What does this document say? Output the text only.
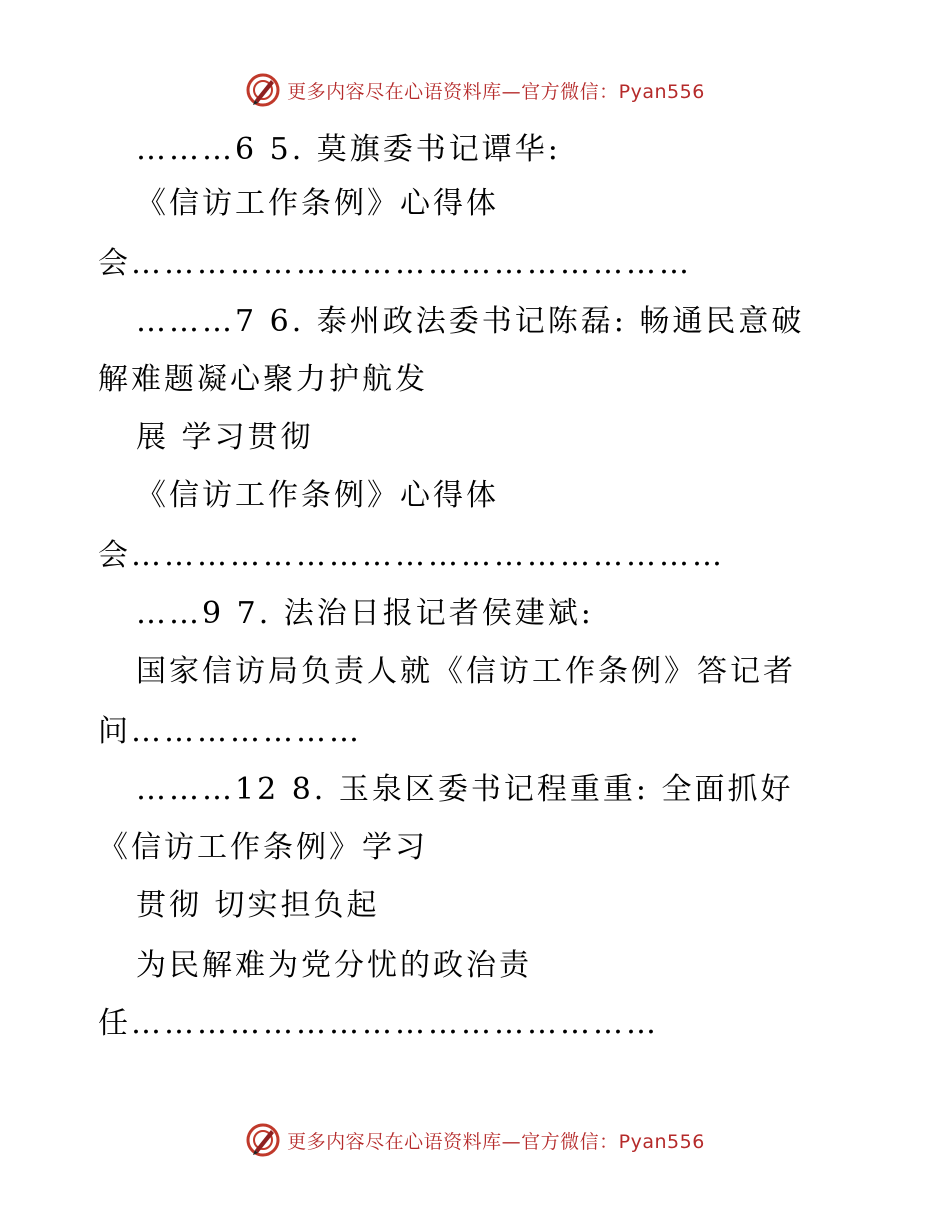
更多内容尽在心语资料库—官方微信：Pyan556
………6 5. 莫旗委书记谭华:
《信访工作条例》心得体
会……………………………………………
………7 6. 泰州政法委书记陈磊: 畅通民意破
解难题凝心聚力护航发
展 学习贯彻
《信访工作条例》心得体
会………………………………………………
……9 7. 法治日报记者侯建斌:
国家信访局负责人就《信访工作条例》答记者
问…………………
………12 8. 玉泉区委书记程重重: 全面抓好
《信访工作条例》学习
贯彻 切实担负起
为民解难为党分忧的政治责
任…………………………………………
更多内容尽在心语资料库—官方微信：Pyan556
